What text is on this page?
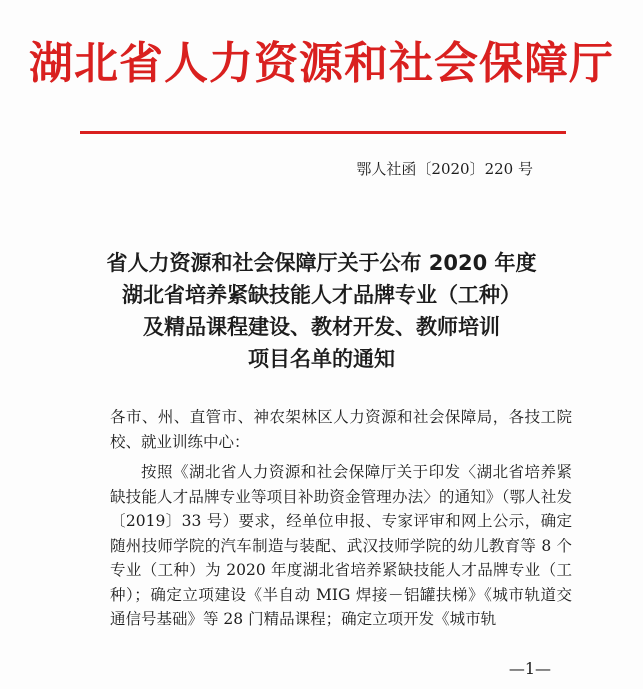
湖北省人力资源和社会保障厅
鄂人社函〔2020〕220 号
省人力资源和社会保障厅关于公布 2020 年度
湖北省培养紧缺技能人才品牌专业（工种）
及精品课程建设、教材开发、教师培训
项目名单的通知

各市、州、直管市、神农架林区人力资源和社会保障局，各技工院校、就业训练中心：

按照《湖北省人力资源和社会保障厅关于印发〈湖北省培养紧缺技能人才品牌专业等项目补助资金管理办法〉的通知》（鄂人社发〔2019〕33 号）要求，经单位申报、专家评审和网上公示，确定随州技师学院的汽车制造与装配、武汉技师学院的幼儿教育等 8 个专业（工种）为 2020 年度湖北省培养紧缺技能人才品牌专业（工种）；确定立项建设《半自动 MIG 焊接－铝罐扶梯》《城市轨道交通信号基础》等 28 门精品课程；确定立项开发《城市轨

—1—
